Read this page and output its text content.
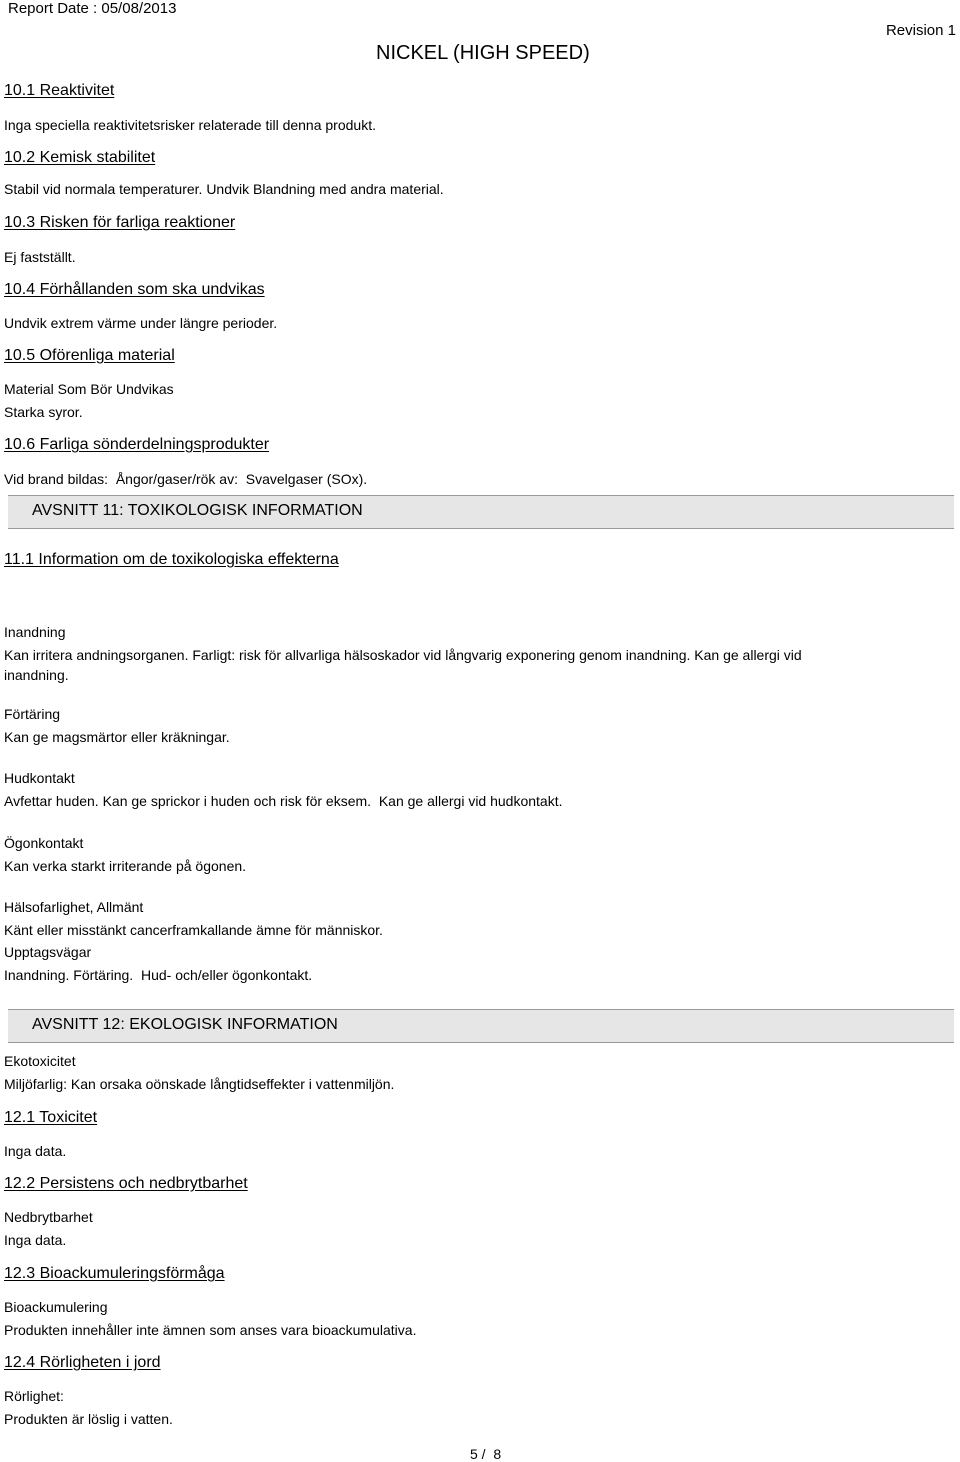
Report Date : 05/08/2013
Revision 1
NICKEL (HIGH SPEED)
10.1 Reaktivitet
Inga speciella reaktivitetsrisker relaterade till denna produkt.
10.2 Kemisk stabilitet
Stabil vid normala temperaturer. Undvik Blandning med andra material.
10.3 Risken för farliga reaktioner
Ej fastställt.
10.4 Förhållanden som ska undvikas
Undvik extrem värme under längre perioder.
10.5 Oförenliga material
Material Som Bör Undvikas
Starka syror.
10.6 Farliga sönderdelningsprodukter
Vid brand bildas:  Ångor/gaser/rök av:  Svavelgaser (SOx).
AVSNITT 11: TOXIKOLOGISK INFORMATION
11.1 Information om de toxikologiska effekterna
Inandning
Kan irritera andningsorganen. Farligt: risk för allvarliga hälsoskador vid långvarig exponering genom inandning. Kan ge allergi vid
inandning.
Förtäring
Kan ge magsmärtor eller kräkningar.
Hudkontakt
Avfettar huden. Kan ge sprickor i huden och risk för eksem.  Kan ge allergi vid hudkontakt.
Ögonkontakt
Kan verka starkt irriterande på ögonen.
Hälsofarlighet, Allmänt
Känt eller misstänkt cancerframkallande ämne för människor.
Upptagsvägar
Inandning. Förtäring.  Hud- och/eller ögonkontakt.
AVSNITT 12: EKOLOGISK INFORMATION
Ekotoxicitet
Miljöfarlig: Kan orsaka oönskade långtidseffekter i vattenmiljön.
12.1 Toxicitet
Inga data.
12.2 Persistens och nedbrytbarhet
Nedbrytbarhet
Inga data.
12.3 Bioackumuleringsförmåga
Bioackumulering
Produkten innehåller inte ämnen som anses vara bioackumulativa.
12.4 Rörligheten i jord
Rörlighet:
Produkten är löslig i vatten.
5 /  8
